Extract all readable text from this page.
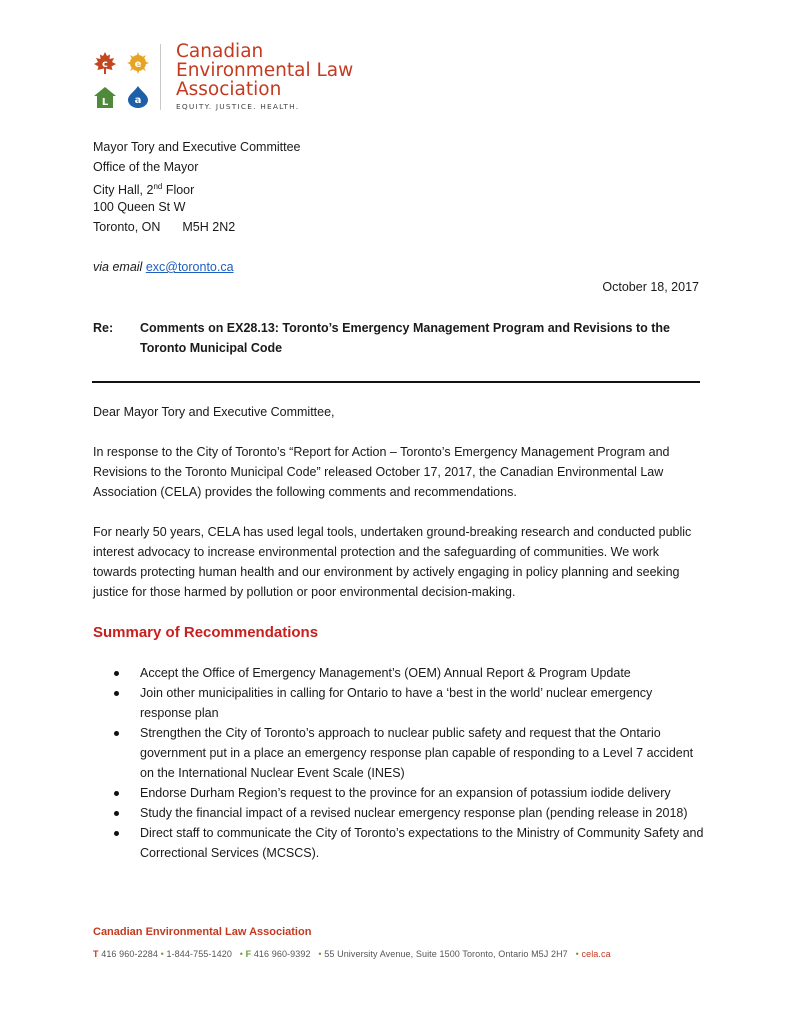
c	e
L	a
Canadian
Environmental Law
Association
EQUITY. JUSTICE. HEALTH.
Mayor Tory and Executive Committee
Office of the Mayor
City Hall, 2nd Floor
100 Queen St W
Toronto, ON M5H 2N2
via email exc@toronto.ca
October 18, 2017
Re: Comments on EX28.13: Toronto’s Emergency Management Program and Revisions to the Toronto Municipal Code
Dear Mayor Tory and Executive Committee,
In response to the City of Toronto’s “Report for Action – Toronto’s Emergency Management Program and Revisions to the Toronto Municipal Code” released October 17, 2017, the Canadian Environmental Law Association (CELA) provides the following comments and recommendations.
For nearly 50 years, CELA has used legal tools, undertaken ground-breaking research and conducted public interest advocacy to increase environmental protection and the safeguarding of communities. We work towards protecting human health and our environment by actively engaging in policy planning and seeking justice for those harmed by pollution or poor environmental decision-making.
Summary of Recommendations
Accept the Office of Emergency Management’s (OEM) Annual Report & Program Update
Join other municipalities in calling for Ontario to have a ‘best in the world’ nuclear emergency response plan
Strengthen the City of Toronto’s approach to nuclear public safety and request that the Ontario government put in a place an emergency response plan capable of responding to a Level 7 accident on the International Nuclear Event Scale (INES)
Endorse Durham Region’s request to the province for an expansion of potassium iodide delivery
Study the financial impact of a revised nuclear emergency response plan (pending release in 2018)
Direct staff to communicate the City of Toronto’s expectations to the Ministry of Community Safety and Correctional Services (MCSCS).
Canadian Environmental Law Association
T 416 960-2284 • 1-844-755-1420 • F 416 960-9392 • 55 University Avenue, Suite 1500 Toronto, Ontario M5J 2H7 • cela.ca
